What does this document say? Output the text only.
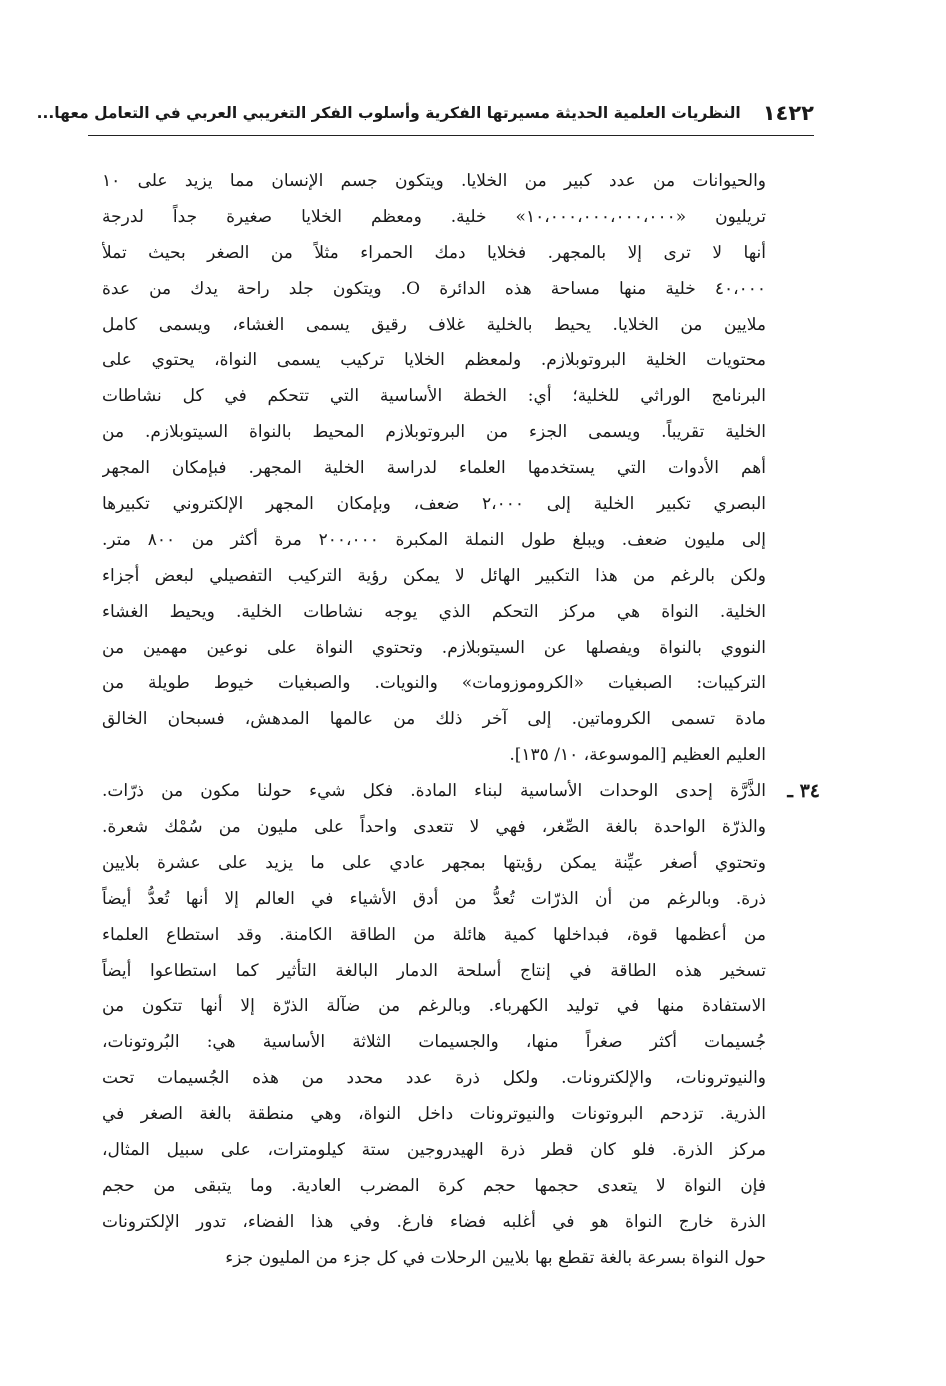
١٤٢٢
النظريات العلمية الحديثة مسيرتها الفكرية وأسلوب الفكر التغريبي العربي في التعامل معها...
والحيوانات من عدد كبير من الخلايا. ويتكون جسم الإنسان مما يزيد على ١٠
تريليون «١٠،٠٠٠،٠٠٠،٠٠٠،٠٠٠» خلية. ومعظم الخلايا صغيرة جداً لدرجة
أنها لا ترى إلا بالمجهر. فخلايا دمك الحمراء مثلاً من الصغر بحيث تملأ
٤٠،٠٠٠ خلية منها مساحة هذه الدائرة O. ويتكون جلد راحة يدك من عدة
ملايين من الخلايا. يحيط بالخلية غلاف رقيق يسمى الغشاء، ويسمى كامل
محتويات الخلية البروتوبلازم. ولمعظم الخلايا تركيب يسمى النواة، يحتوي على
البرنامج الوراثي للخلية؛ أي: الخطة الأساسية التي تتحكم في كل نشاطات
الخلية تقريباً. ويسمى الجزء من البروتوبلازم المحيط بالنواة السيتوبلازم. من
أهم الأدوات التي يستخدمها العلماء لدراسة الخلية المجهر. فبإمكان المجهر
البصري تكبير الخلية إلى ٢،٠٠٠ ضعف، وبإمكان المجهر الإلكتروني تكبيرها
إلى مليون ضعف. ويبلغ طول النملة المكبرة ٢٠٠،٠٠٠ مرة أكثر من ٨٠٠ متر.
ولكن بالرغم من هذا التكبير الهائل لا يمكن رؤية التركيب التفصيلي لبعض أجزاء
الخلية. النواة هي مركز التحكم الذي يوجه نشاطات الخلية. ويحيط الغشاء
النووي بالنواة ويفصلها عن السيتوبلازم. وتحتوي النواة على نوعين مهمين من
التركيبات: الصبغيات «الكروموزومات» والنويات. والصبغيات خيوط طويلة من
مادة تسمى الكروماتين. إلى آخر ذلك من عالمها المدهش، فسبحان الخالق
العليم العظيم [الموسوعة، ١٠/ ١٣٥].
الذَّرَّة إحدى الوحدات الأساسية لبناء المادة. فكل شيء حولنا مكون من ذرّات.
والذرّة الواحدة بالغة الصِّغر، فهي لا تتعدى واحداً على مليون من سُمْك شعرة.
وتحتوي أصغر عيِّنة يمكن رؤيتها بمجهر عادي على ما يزيد على عشرة بلايين
ذرة. وبالرغم من أن الذرّات تُعدُّ من أدق الأشياء في العالم إلا أنها تُعدُّ أيضاً
من أعظمها قوة، فبداخلها كمية هائلة من الطاقة الكامنة. وقد استطاع العلماء
تسخير هذه الطاقة في إنتاج أسلحة الدمار البالغة التأثير كما استطاعوا أيضاً
الاستفادة منها في توليد الكهرباء. وبالرغم من ضآلة الذرّة إلا أنها تتكون من
جُسيمات أكثر صغراً منها، والجسيمات الثلاثة الأساسية هي: البُروتونات،
والنيوترونات، والإلكترونات. ولكل ذرة عدد محدد من هذه الجُسيمات تحت
الذرية. تزدحم البروتونات والنيوترونات داخل النواة، وهي منطقة بالغة الصغر في
مركز الذرة. فلو كان قطر ذرة الهيدروجين ستة كيلومترات، على سبيل المثال،
فإن النواة لا يتعدى حجمها حجم كرة المضرب العادية. وما يتبقى من حجم
الذرة خارج النواة هو في أغلبه فضاء فارغ. وفي هذا الفضاء، تدور الإلكترونات
حول النواة بسرعة بالغة تقطع بها بلايين الرحلات في كل جزء من المليون جزء
٣٤ ـ
